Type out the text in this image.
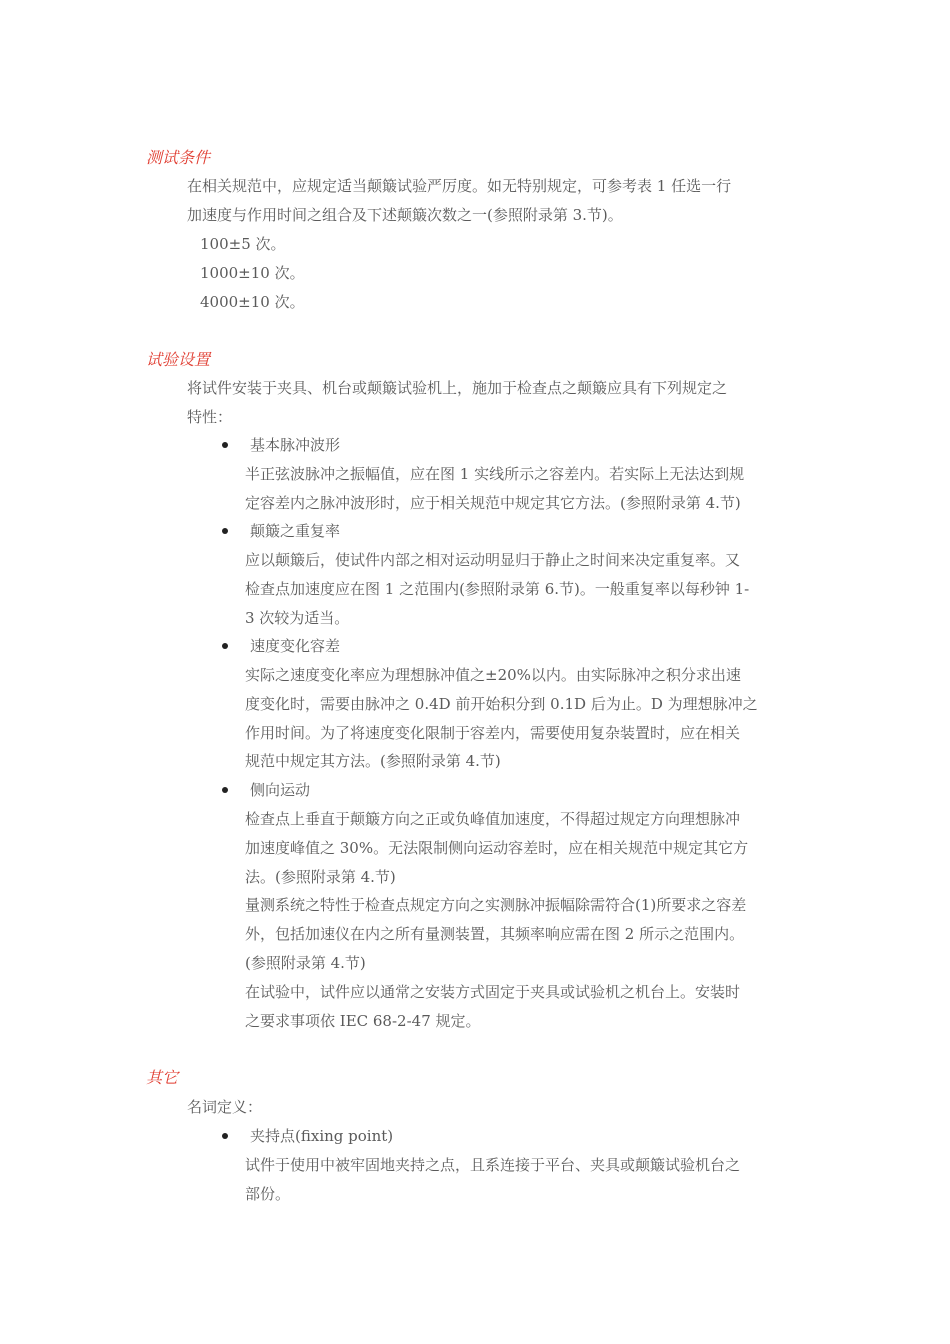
测试条件
在相关规范中，应规定适当颠簸试验严厉度。如无特别规定，可参考表 1 任选一行
加速度与作用时间之组合及下述颠簸次数之一(参照附录第 3.节)。
100±5 次。
1000±10 次。
4000±10 次。
试验设置
将试件安装于夹具、机台或颠簸试验机上，施加于检查点之颠簸应具有下列规定之
特性：
基本脉冲波形
半正弦波脉冲之振幅值，应在图 1 实线所示之容差内。若实际上无法达到规
定容差内之脉冲波形时，应于相关规范中规定其它方法。(参照附录第 4.节)
颠簸之重复率
应以颠簸后，使试件内部之相对运动明显归于静止之时间来决定重复率。又
检查点加速度应在图 1 之范围内(参照附录第 6.节)。一般重复率以每秒钟 1-
3 次较为适当。
速度变化容差
实际之速度变化率应为理想脉冲值之±20%以内。由实际脉冲之积分求出速
度变化时，需要由脉冲之 0.4D 前开始积分到 0.1D 后为止。D 为理想脉冲之
作用时间。为了将速度变化限制于容差内，需要使用复杂装置时，应在相关
规范中规定其方法。(参照附录第 4.节)
侧向运动
检查点上垂直于颠簸方向之正或负峰值加速度，不得超过规定方向理想脉冲
加速度峰值之 30%。无法限制侧向运动容差时，应在相关规范中规定其它方
法。(参照附录第 4.节)
量测系统之特性于检查点规定方向之实测脉冲振幅除需符合(1)所要求之容差
外，包括加速仪在内之所有量测装置，其频率响应需在图 2 所示之范围内。
(参照附录第 4.节)
在试验中，试件应以通常之安装方式固定于夹具或试验机之机台上。安装时
之要求事项依 IEC 68-2-47 规定。
其它
名词定义：
夹持点(fixing point)
试件于使用中被牢固地夹持之点，且系连接于平台、夹具或颠簸试验机台之
部份。
